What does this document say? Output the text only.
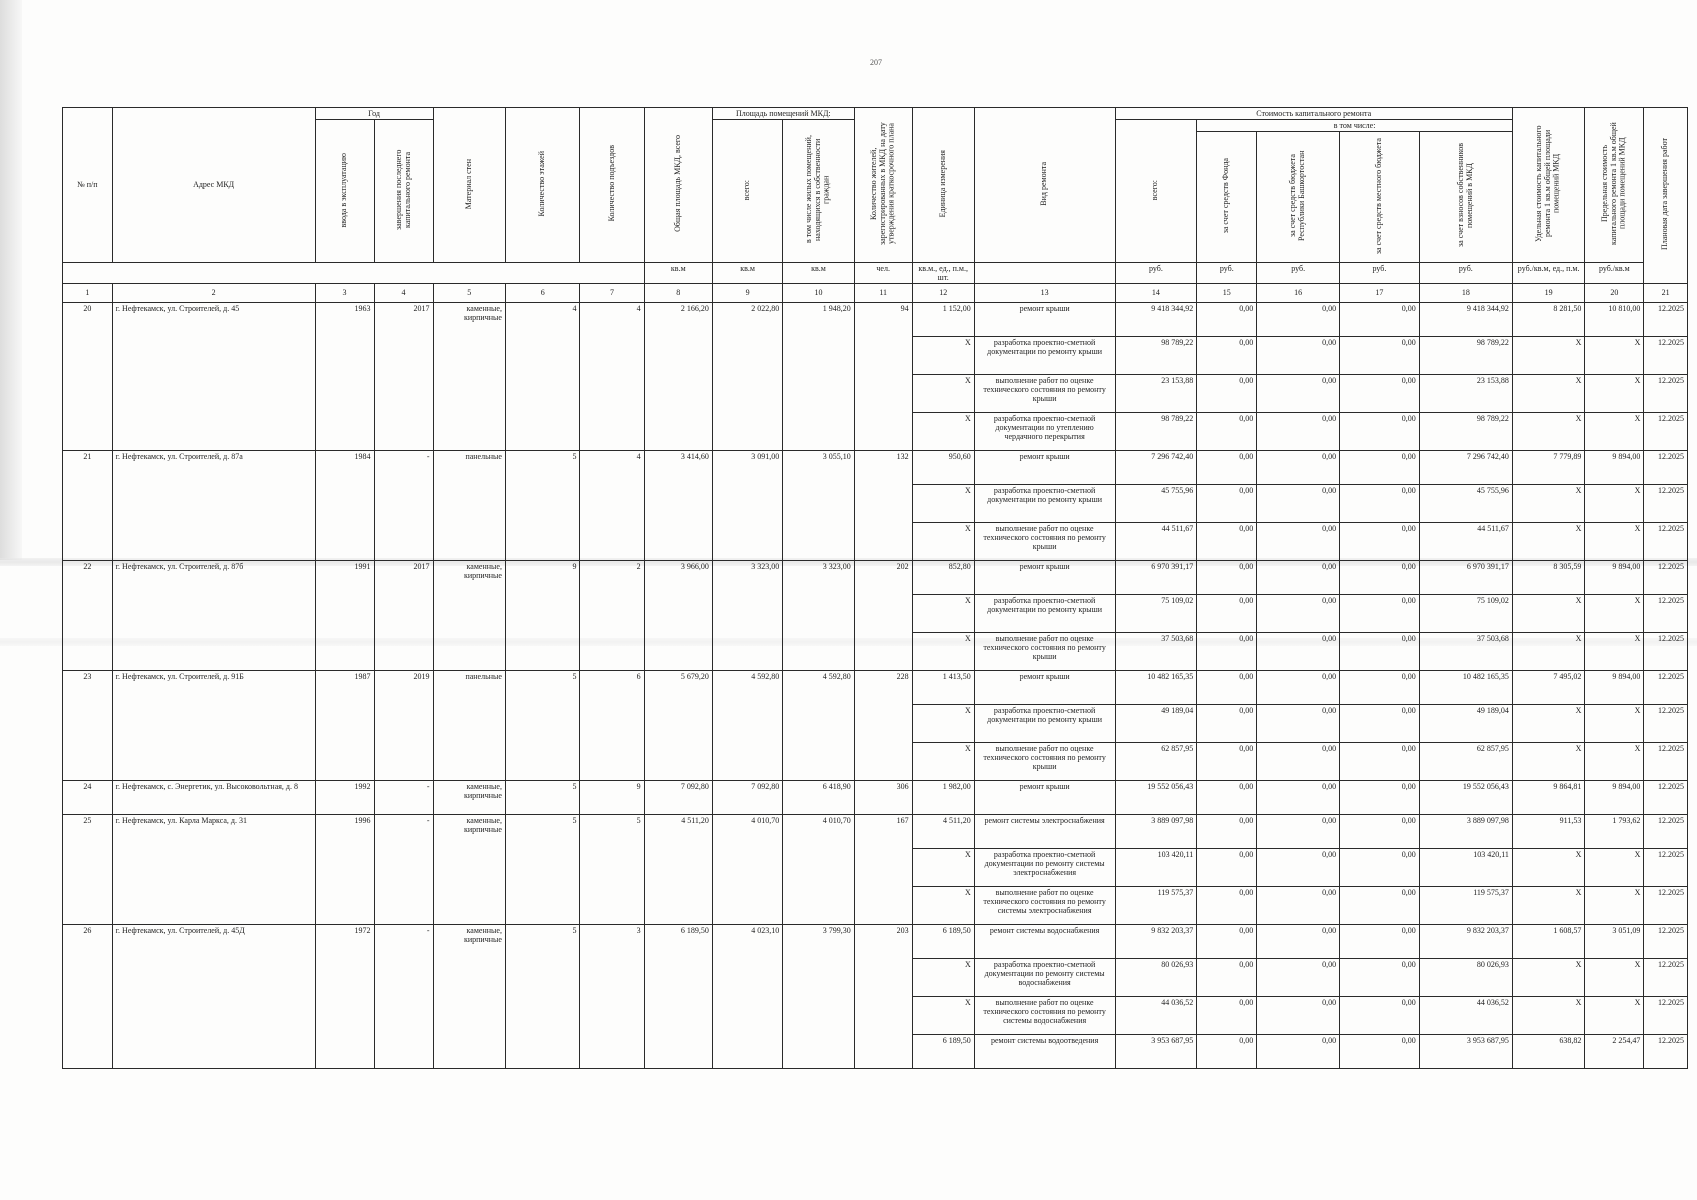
207
№ п/п	Адрес МКД	Год		Материал стен	Количество этажей	Количество подъездов	Общая площадь МКД, всего	Площадь помещений МКД:		Количество жителей, зарегистрированных в МКД на дату утверждения краткосрочного плана	Единица измерения	Вид ремонта	Стоимость капитального ремонта					Удельная стоимость капитального ремонта 1 кв.м общей площади помещений МКД	Предельная стоимость капитального ремонта 1 кв.м общей площади помещений МКД	Плановая дата завершения работ
		ввода в эксплуатацию	завершения последнего капитального ремонта					всего:	в том числе жилых помещений, находящихся в собственности граждан				всего:	в том числе:						
														за счет средств Фонда	за счет средств бюджета Республики Башкортостан	за счет средств местного бюджета	за счет взносов собственников помещений в МКД			
							кв.м	кв.м	кв.м	чел.	кв.м., ед., п.м., шт.		руб.	руб.	руб.	руб.	руб.	руб./кв.м, ед., п.м.	руб./кв.м	
1	2	3	4	5	6	7	8	9	10	11	12	13	14	15	16	17	18	19	20	21
20	г. Нефтекамск, ул. Строителей, д. 45	1963	2017	каменные, кирпичные	4	4	2 166,20	2 022,80	1 948,20	94	1 152,00	ремонт крыши	9 418 344,92	0,00	0,00	0,00	9 418 344,92	8 281,50	10 810,00	12.2025
											X	разработка проектно-сметной документации по ремонту крыши	98 789,22	0,00	0,00	0,00	98 789,22	X	X	12.2025
											X	выполнение работ по оценке технического состояния по ремонту крыши	23 153,88	0,00	0,00	0,00	23 153,88	X	X	12.2025
											X	разработка проектно-сметной документации по утеплению чердачного перекрытия	98 789,22	0,00	0,00	0,00	98 789,22	X	X	12.2025
21	г. Нефтекамск, ул. Строителей, д. 87а	1984	-	панельные	5	4	3 414,60	3 091,00	3 055,10	132	950,60	ремонт крыши	7 296 742,40	0,00	0,00	0,00	7 296 742,40	7 779,89	9 894,00	12.2025
											X	разработка проектно-сметной документации по ремонту крыши	45 755,96	0,00	0,00	0,00	45 755,96	X	X	12.2025
											X	выполнение работ по оценке технического состояния по ремонту крыши	44 511,67	0,00	0,00	0,00	44 511,67	X	X	12.2025
22	г. Нефтекамск, ул. Строителей, д. 87б	1991	2017	каменные, кирпичные	9	2	3 966,00	3 323,00	3 323,00	202	852,80	ремонт крыши	6 970 391,17	0,00	0,00	0,00	6 970 391,17	8 305,59	9 894,00	12.2025
											X	разработка проектно-сметной документации по ремонту крыши	75 109,02	0,00	0,00	0,00	75 109,02	X	X	12.2025
											X	выполнение работ по оценке технического состояния по ремонту крыши	37 503,68	0,00	0,00	0,00	37 503,68	X	X	12.2025
23	г. Нефтекамск, ул. Строителей, д. 91Б	1987	2019	панельные	5	6	5 679,20	4 592,80	4 592,80	228	1 413,50	ремонт крыши	10 482 165,35	0,00	0,00	0,00	10 482 165,35	7 495,02	9 894,00	12.2025
											X	разработка проектно-сметной документации по ремонту крыши	49 189,04	0,00	0,00	0,00	49 189,04	X	X	12.2025
											X	выполнение работ по оценке технического состояния по ремонту крыши	62 857,95	0,00	0,00	0,00	62 857,95	X	X	12.2025
24	г. Нефтекамск, с. Энергетик, ул. Высоковольтная, д. 8	1992	-	каменные, кирпичные	5	9	7 092,80	7 092,80	6 418,90	306	1 982,00	ремонт крыши	19 552 056,43	0,00	0,00	0,00	19 552 056,43	9 864,81	9 894,00	12.2025
25	г. Нефтекамск, ул. Карла Маркса, д. 31	1996	-	каменные, кирпичные	5	5	4 511,20	4 010,70	4 010,70	167	4 511,20	ремонт системы электроснабжения	3 889 097,98	0,00	0,00	0,00	3 889 097,98	911,53	1 793,62	12.2025
											X	разработка проектно-сметной документации по ремонту системы электроснабжения	103 420,11	0,00	0,00	0,00	103 420,11	X	X	12.2025
											X	выполнение работ по оценке технического состояния по ремонту системы электроснабжения	119 575,37	0,00	0,00	0,00	119 575,37	X	X	12.2025
26	г. Нефтекамск, ул. Строителей, д. 45Д	1972	-	каменные, кирпичные	5	3	6 189,50	4 023,10	3 799,30	203	6 189,50	ремонт системы водоснабжения	9 832 203,37	0,00	0,00	0,00	9 832 203,37	1 608,57	3 051,09	12.2025
											X	разработка проектно-сметной документации по ремонту системы водоснабжения	80 026,93	0,00	0,00	0,00	80 026,93	X	X	12.2025
											X	выполнение работ по оценке технического состояния по ремонту системы водоснабжения	44 036,52	0,00	0,00	0,00	44 036,52	X	X	12.2025
											6 189,50	ремонт системы водоотведения	3 953 687,95	0,00	0,00	0,00	3 953 687,95	638,82	2 254,47	12.2025
